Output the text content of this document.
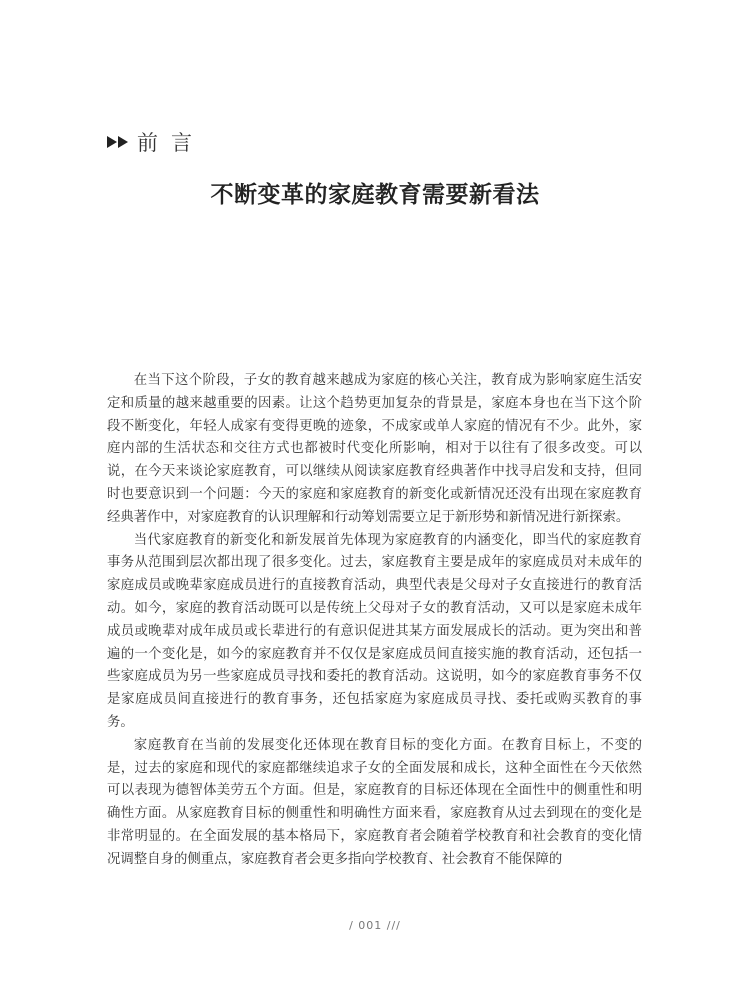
前言
不断变革的家庭教育需要新看法

在当下这个阶段，子女的教育越来越成为家庭的核心关注，教育成为影响家庭生活安定和质量的越来越重要的因素。让这个趋势更加复杂的背景是，家庭本身也在当下这个阶段不断变化，年轻人成家有变得更晚的迹象，不成家或单人家庭的情况有不少。此外，家庭内部的生活状态和交往方式也都被时代变化所影响，相对于以往有了很多改变。可以说，在今天来谈论家庭教育，可以继续从阅读家庭教育经典著作中找寻启发和支持，但同时也要意识到一个问题：今天的家庭和家庭教育的新变化或新情况还没有出现在家庭教育经典著作中，对家庭教育的认识理解和行动筹划需要立足于新形势和新情况进行新探索。

当代家庭教育的新变化和新发展首先体现为家庭教育的内涵变化，即当代的家庭教育事务从范围到层次都出现了很多变化。过去，家庭教育主要是成年的家庭成员对未成年的家庭成员或晚辈家庭成员进行的直接教育活动，典型代表是父母对子女直接进行的教育活动。如今，家庭的教育活动既可以是传统上父母对子女的教育活动，又可以是家庭未成年成员或晚辈对成年成员或长辈进行的有意识促进其某方面发展成长的活动。更为突出和普遍的一个变化是，如今的家庭教育并不仅仅是家庭成员间直接实施的教育活动，还包括一些家庭成员为另一些家庭成员寻找和委托的教育活动。这说明，如今的家庭教育事务不仅是家庭成员间直接进行的教育事务，还包括家庭为家庭成员寻找、委托或购买教育的事务。

家庭教育在当前的发展变化还体现在教育目标的变化方面。在教育目标上，不变的是，过去的家庭和现代的家庭都继续追求子女的全面发展和成长，这种全面性在今天依然可以表现为德智体美劳五个方面。但是，家庭教育的目标还体现在全面性中的侧重性和明确性方面。从家庭教育目标的侧重性和明确性方面来看，家庭教育从过去到现在的变化是非常明显的。在全面发展的基本格局下，家庭教育者会随着学校教育和社会教育的变化情况调整自身的侧重点，家庭教育者会更多指向学校教育、社会教育不能保障的

/ 001 ///
